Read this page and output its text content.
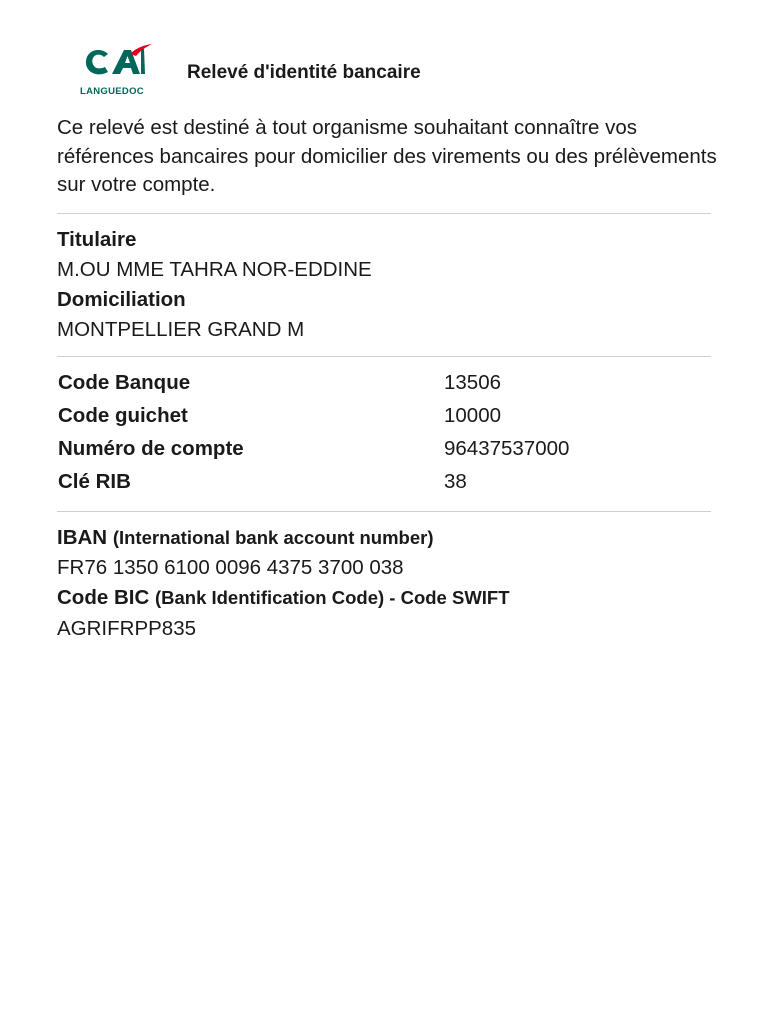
LANGUEDOC
Relevé d'identité bancaire
Ce relevé est destiné à tout organisme souhaitant connaître vos références bancaires pour domicilier des virements ou des prélèvements sur votre compte.
Titulaire
M.OU MME TAHRA NOR-EDDINE
Domiciliation
MONTPELLIER GRAND M
Code Banque	13506
Code guichet	10000
Numéro de compte	96437537000
Clé RIB	38
IBAN (International bank account number)
FR76 1350 6100 0096 4375 3700 038
Code BIC (Bank Identification Code) - Code SWIFT
AGRIFRPP835
